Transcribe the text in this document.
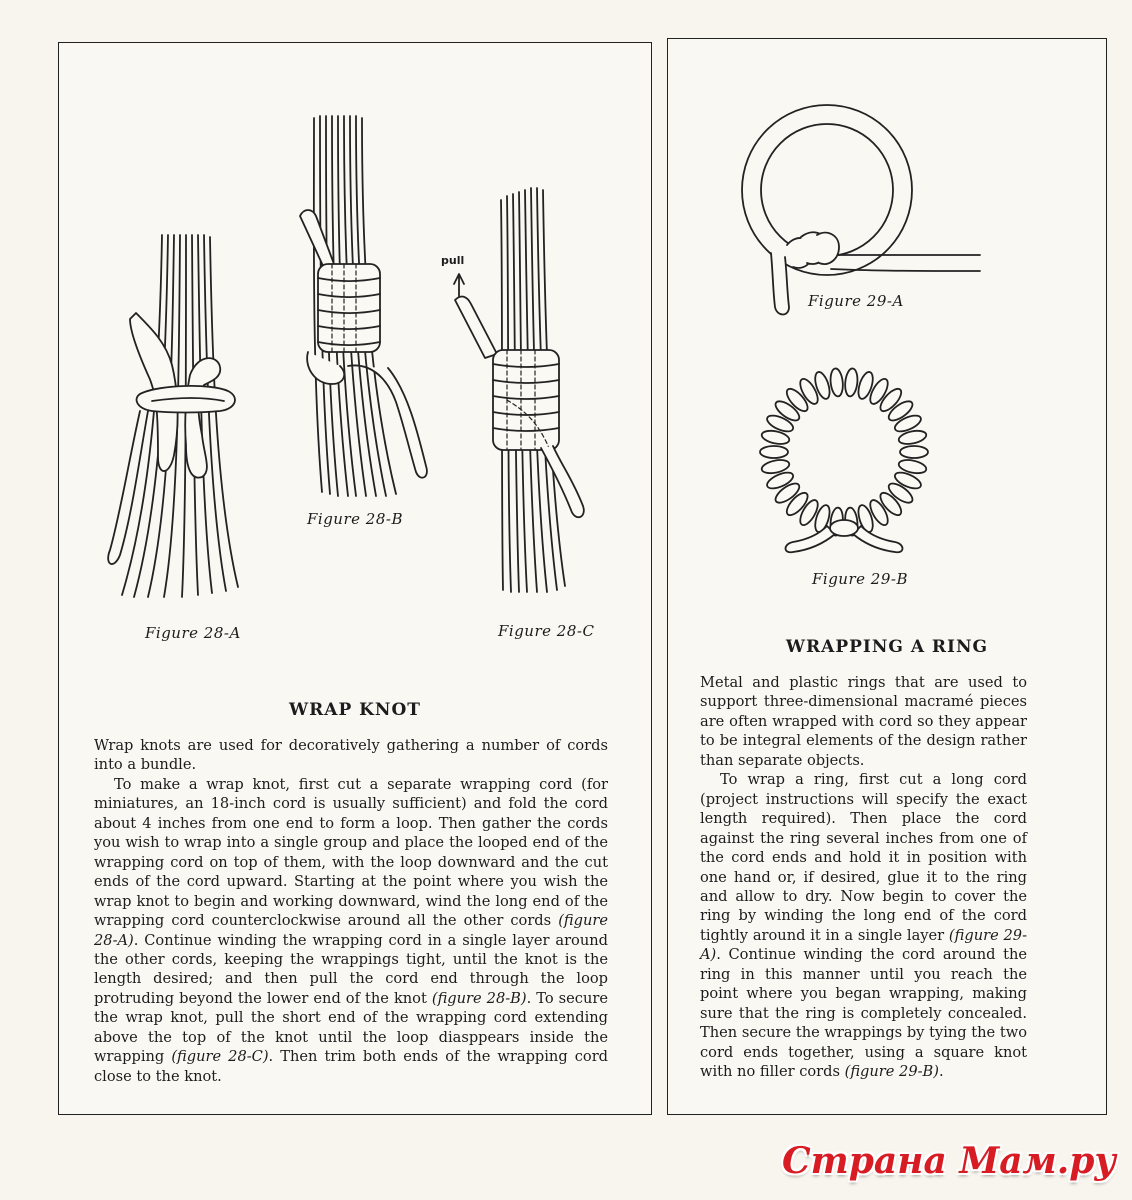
Figure 28-A
Figure 28-B
pull
Figure 28-C
WRAP KNOT

Wrap knots are used for decoratively gathering a number of cords into a bundle.

To make a wrap knot, first cut a separate wrapping cord (for miniatures, an 18-inch cord is usually sufficient) and fold the cord about 4 inches from one end to form a loop. Then gather the cords you wish to wrap into a single group and place the looped end of the wrapping cord on top of them, with the loop downward and the cut ends of the cord upward. Starting at the point where you wish the wrap knot to begin and working downward, wind the long end of the wrapping cord counterclockwise around all the other cords (figure 28-A). Continue winding the wrapping cord in a single layer around the other cords, keeping the wrappings tight, until the knot is the length desired; and then pull the cord end through the loop protruding beyond the lower end of the knot (figure 28-B). To secure the wrap knot, pull the short end of the wrapping cord extending above the top of the knot until the loop diasppears inside the wrapping (figure 28-C). Then trim both ends of the wrapping cord close to the knot.

Figure 29-A
Figure 29-B
WRAPPING A RING

Metal and plastic rings that are used to support three-dimensional macramé pieces are often wrapped with cord so they appear to be integral elements of the design rather than separate objects.

To wrap a ring, first cut a long cord (project instructions will specify the exact length required). Then place the cord against the ring several inches from one of the cord ends and hold it in position with one hand or, if desired, glue it to the ring and allow to dry. Now begin to cover the ring by winding the long end of the cord tightly around it in a single layer (figure 29-A). Continue winding the cord around the ring in this manner until you reach the point where you began wrapping, making sure that the ring is completely concealed. Then secure the wrappings by tying the two cord ends together, using a square knot with no filler cords (figure 29-B).

Страна Мам.ру
